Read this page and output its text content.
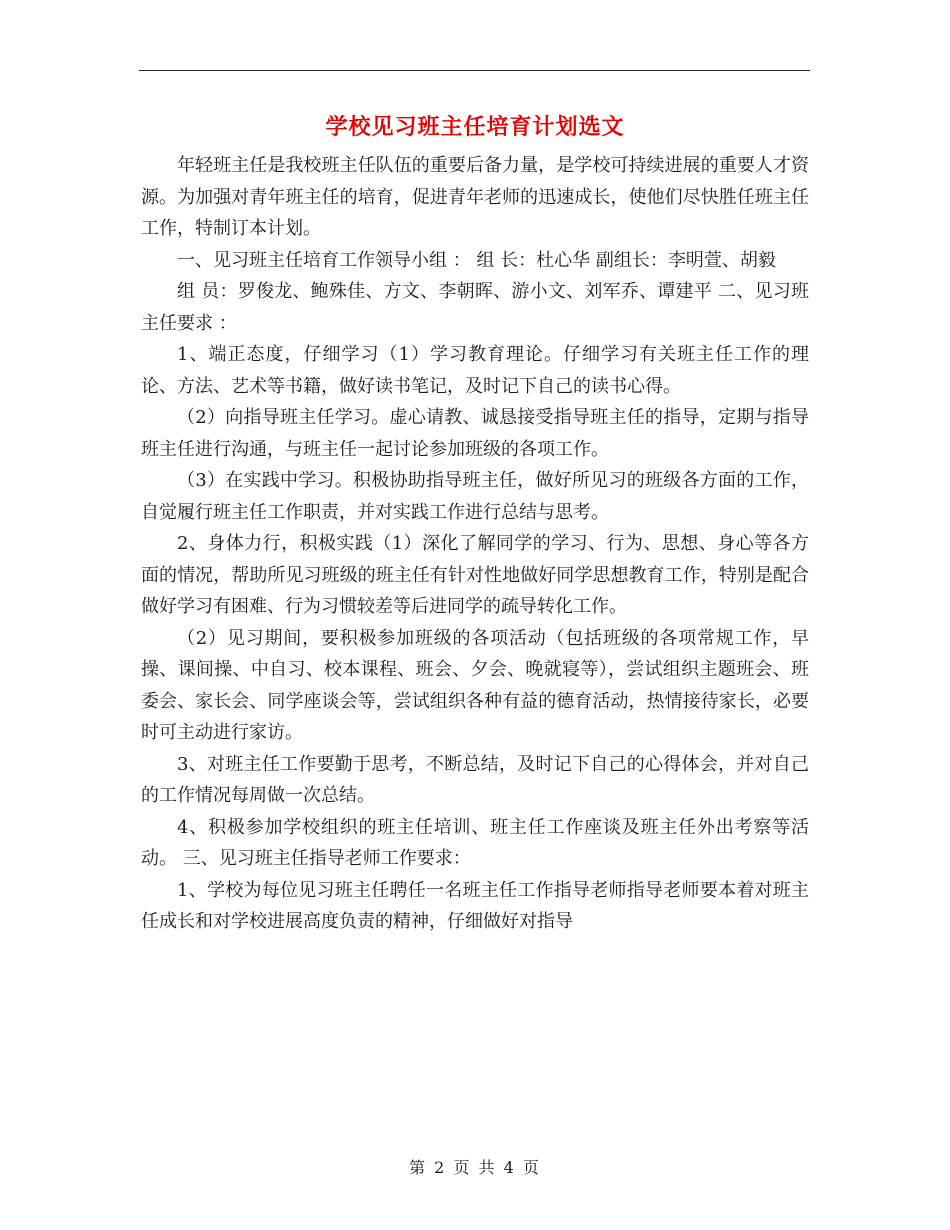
学校见习班主任培育计划选文

年轻班主任是我校班主任队伍的重要后备力量，是学校可持续进展的重要人才资源。为加强对青年班主任的培育，促进青年老师的迅速成长，使他们尽快胜任班主任工作，特制订本计划。

一、见习班主任培育工作领导小组 ： 组 长：杜心华 副组长：李明萱、胡毅

组 员：罗俊龙、鲍殊佳、方文、李朝晖、游小文、刘军乔、谭建平 二、见习班主任要求 ：

1、端正态度，仔细学习（1）学习教育理论。仔细学习有关班主任工作的理论、方法、艺术等书籍，做好读书笔记，及时记下自己的读书心得。

（2）向指导班主任学习。虚心请教、诚恳接受指导班主任的指导，定期与指导班主任进行沟通，与班主任一起讨论参加班级的各项工作。

（3）在实践中学习。积极协助指导班主任，做好所见习的班级各方面的工作，自觉履行班主任工作职责，并对实践工作进行总结与思考。

2、身体力行，积极实践（1）深化了解同学的学习、行为、思想、身心等各方面的情况，帮助所见习班级的班主任有针对性地做好同学思想教育工作，特别是配合做好学习有困难、行为习惯较差等后进同学的疏导转化工作。

（2）见习期间，要积极参加班级的各项活动（包括班级的各项常规工作，早操、课间操、中自习、校本课程、班会、夕会、晚就寝等），尝试组织主题班会、班委会、家长会、同学座谈会等，尝试组织各种有益的德育活动，热情接待家长，必要时可主动进行家访。

3、对班主任工作要勤于思考，不断总结，及时记下自己的心得体会，并对自己的工作情况每周做一次总结。

4、积极参加学校组织的班主任培训、班主任工作座谈及班主任外出考察等活动。 三、见习班主任指导老师工作要求：

1、学校为每位见习班主任聘任一名班主任工作指导老师指导老师要本着对班主任成长和对学校进展高度负责的精神，仔细做好对指导

第 2 页 共 4 页
